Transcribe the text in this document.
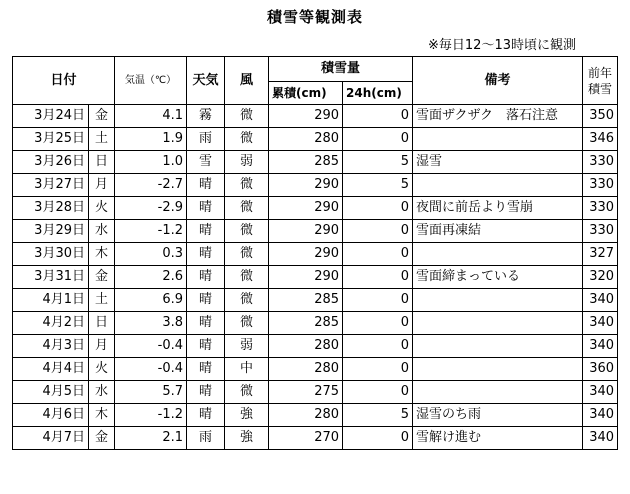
積雪等観測表
※毎日12～13時頃に観測
日付		気温（℃）	天気	風	積雪量		備考	前年
積雪
					累積(cm)	24h(cm)		
3月24日	金	4.1	霧	微	290	0	雪面ザクザク　落石注意	350
3月25日	土	1.9	雨	微	280	0		346
3月26日	日	1.0	雪	弱	285	5	湿雪	330
3月27日	月	-2.7	晴	微	290	5		330
3月28日	火	-2.9	晴	微	290	0	夜間に前岳より雪崩	330
3月29日	水	-1.2	晴	微	290	0	雪面再凍結	330
3月30日	木	0.3	晴	微	290	0		327
3月31日	金	2.6	晴	微	290	0	雪面締まっている	320
4月1日	土	6.9	晴	微	285	0		340
4月2日	日	3.8	晴	微	285	0		340
4月3日	月	-0.4	晴	弱	280	0		340
4月4日	火	-0.4	晴	中	280	0		360
4月5日	水	5.7	晴	微	275	0		340
4月6日	木	-1.2	晴	強	280	5	湿雪のち雨	340
4月7日	金	2.1	雨	強	270	0	雪解け進む	340
